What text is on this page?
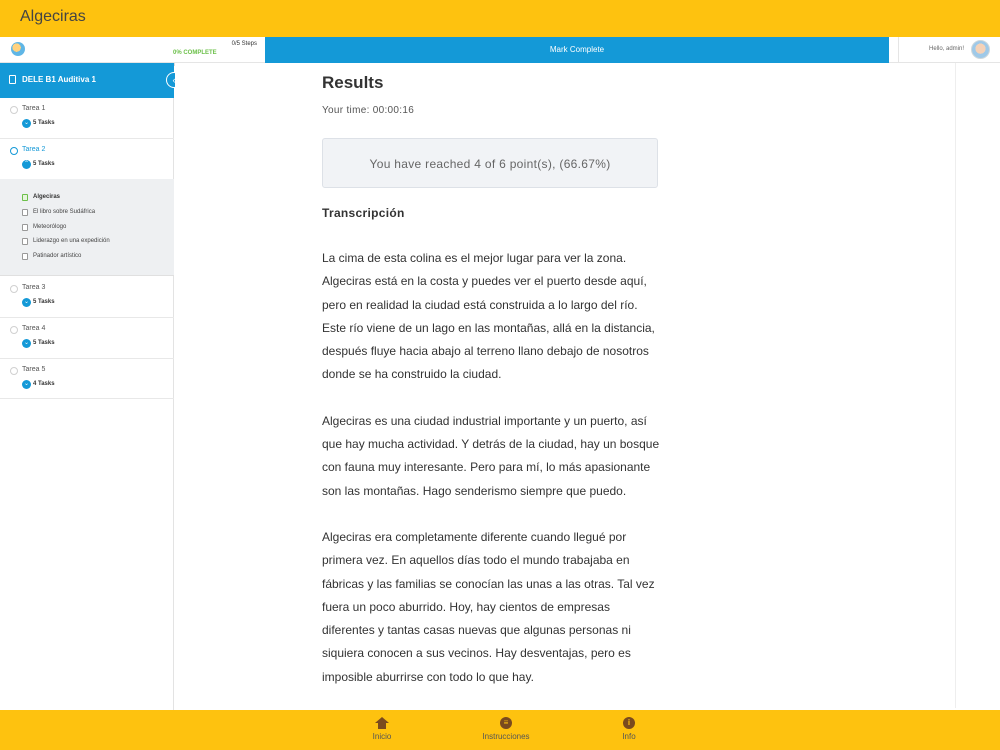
Algeciras
0% COMPLETE
0/5 Steps
Mark Complete	Hello, admin!
DELE B1 Auditiva 1	‹
Tarea 1
⌄ 5 Tasks
Tarea 2
⌃ 5 Tasks
Algeciras
El libro sobre Sudáfrica
Meteorólogo
Liderazgo en una expedición
Patinador artístico
Tarea 3
⌄ 5 Tasks
Tarea 4
⌄ 5 Tasks
Tarea 5
⌄ 4 Tasks
Results
Your time: 00:00:16
You have reached 4 of 6 point(s), (66.67%)
Transcripción

La cima de esta colina es el mejor lugar para ver la zona. Algeciras está en la costa y puedes ver el puerto desde aquí, pero en realidad la ciudad está construida a lo largo del río. Este río viene de un lago en las montañas, allá en la distancia, después fluye hacia abajo al terreno llano debajo de nosotros donde se ha construido la ciudad.

Algeciras es una ciudad industrial importante y un puerto, así que hay mucha actividad. Y detrás de la ciudad, hay un bosque con fauna muy interesante. Pero para mí, lo más apasionante son las montañas. Hago senderismo siempre que puedo.

Algeciras era completamente diferente cuando llegué por primera vez. En aquellos días todo el mundo trabajaba en fábricas y las familias se conocían las unas a las otras. Tal vez fuera un poco aburrido. Hoy, hay cientos de empresas diferentes y tantas casas nuevas que algunas personas ni siquiera conocen a sus vecinos. Hay desventajas, pero es imposible aburrirse con todo lo que hay.

Inicio
≡
Instrucciones
i
Info
